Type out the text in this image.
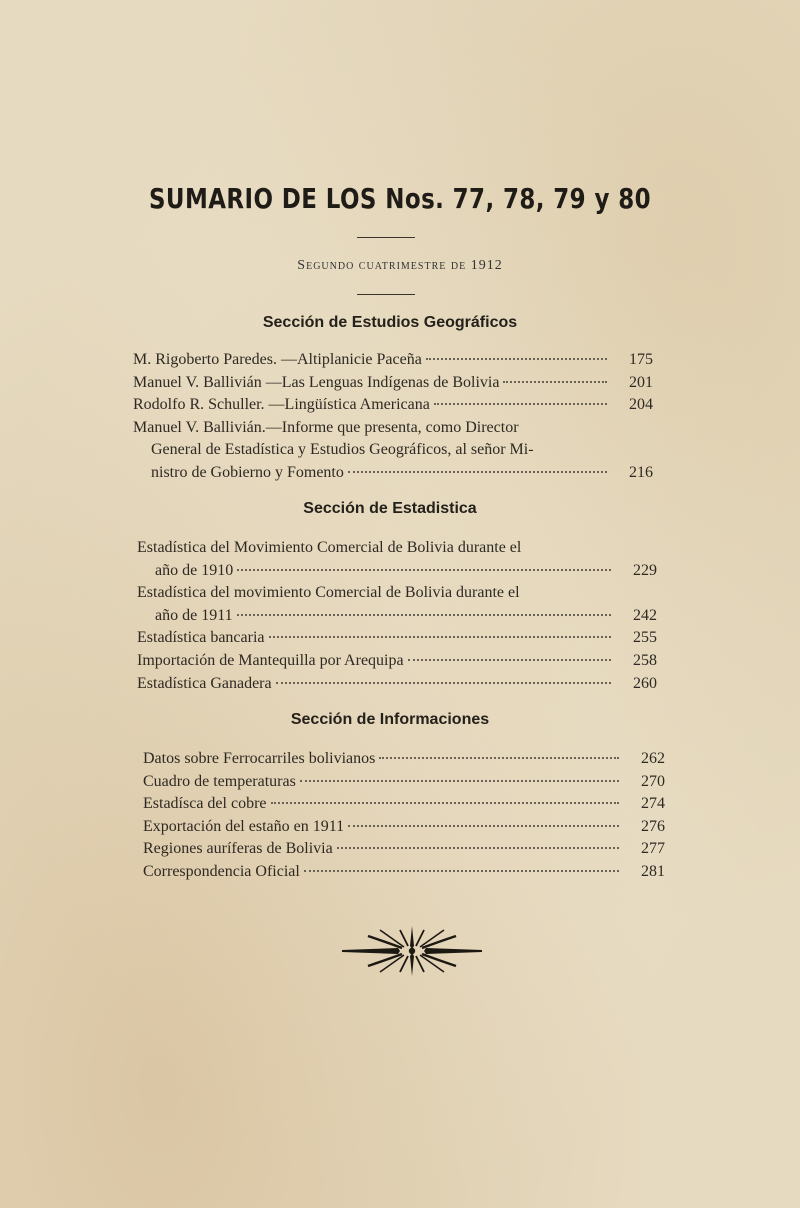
SUMARIO DE LOS Nos. 77, 78, 79 y 80
Segundo cuatrimestre de 1912
Sección de Estudios Geográficos
M. Rigoberto Paredes. —Altiplanicie Paceña	175
Manuel V. Ballivián —Las Lenguas Indígenas de Bolivia	201
Rodolfo R. Schuller. —Lingüística Americana	204
Manuel V. Ballivián.—Informe que presenta, como Director
General de Estadística y Estudios Geográficos, al señor Mi-
nistro de Gobierno y Fomento	216
Sección de Estadistica
Estadística del Movimiento Comercial de Bolivia durante el
año de 1910	229
Estadística del movimiento Comercial de Bolivia durante el
año de 1911	242
Estadística bancaria	255
Importación de Mantequilla por Arequipa	258
Estadística Ganadera	260
Sección de Informaciones
Datos sobre Ferrocarriles bolivianos	262
Cuadro de temperaturas	270
Estadísca del cobre	274
Exportación del estaño en 1911	276
Regiones auríferas de Bolivia	277
Correspondencia Oficial	281
